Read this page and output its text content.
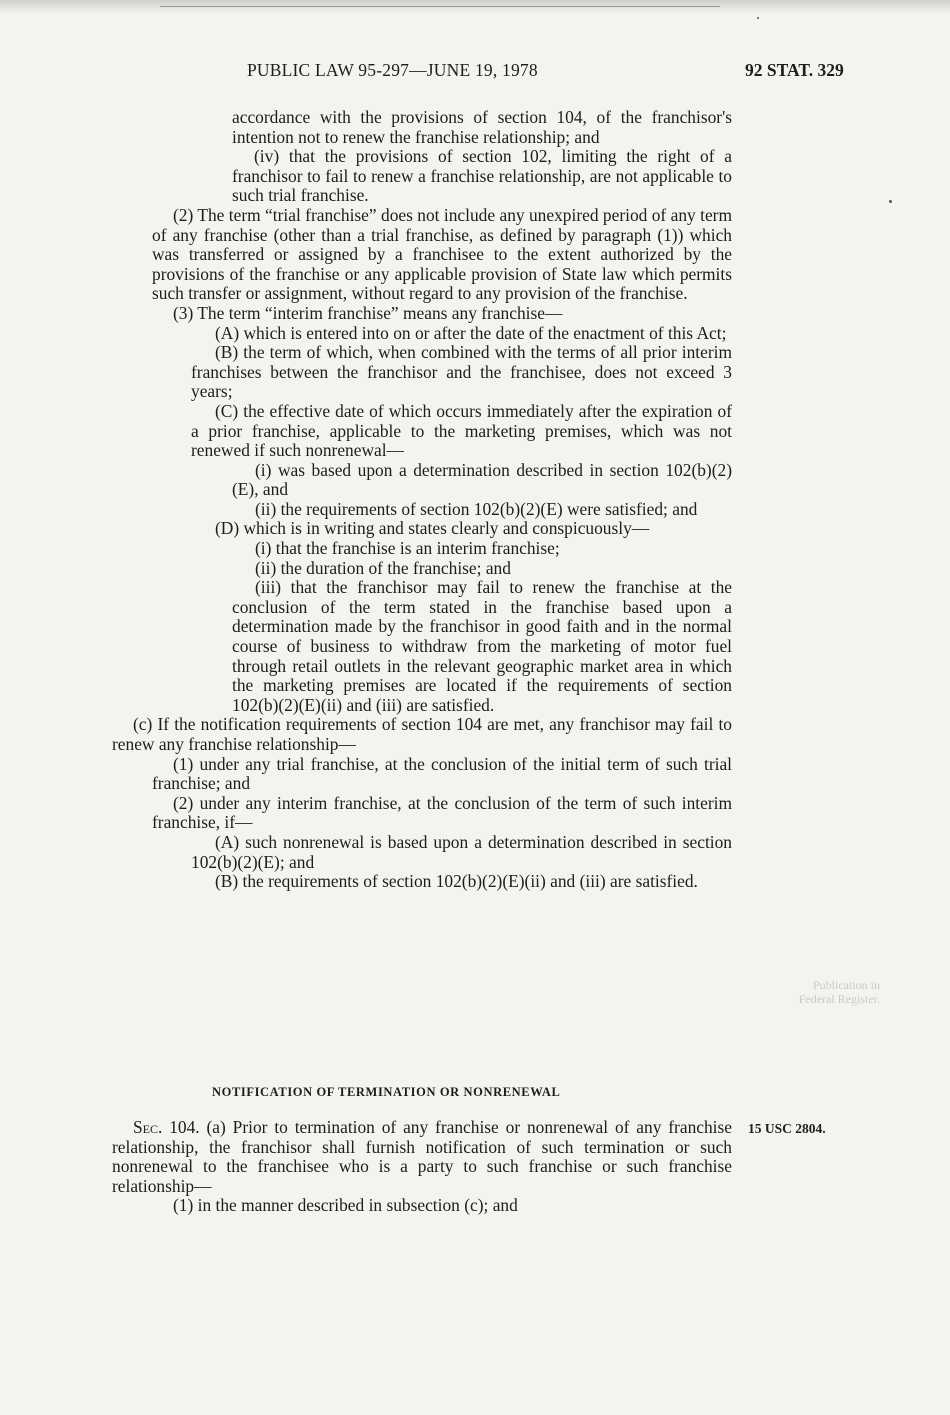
Publication in Federal Register.
PUBLIC LAW 95-297—JUNE 19, 1978	92 STAT. 329

accordance with the provisions of section 104, of the franchisor's intention not to renew the franchise relationship; and

(iv) that the provisions of section 102, limiting the right of a franchisor to fail to renew a franchise relationship, are not applicable to such trial franchise.

(2) The term “trial franchise” does not include any unexpired period of any term of any franchise (other than a trial franchise, as defined by paragraph (1)) which was transferred or assigned by a franchisee to the extent authorized by the provisions of the franchise or any applicable provision of State law which permits such transfer or assignment, without regard to any provision of the franchise.

(3) The term “interim franchise” means any franchise—

(A) which is entered into on or after the date of the enactment of this Act;

(B) the term of which, when combined with the terms of all prior interim franchises between the franchisor and the franchisee, does not exceed 3 years;

(C) the effective date of which occurs immediately after the expiration of a prior franchise, applicable to the marketing premises, which was not renewed if such nonrenewal—

(i) was based upon a determination described in section 102(b)(2)(E), and

(ii) the requirements of section 102(b)(2)(E) were satisfied; and

(D) which is in writing and states clearly and conspicuously—

(i) that the franchise is an interim franchise;

(ii) the duration of the franchise; and

(iii) that the franchisor may fail to renew the franchise at the conclusion of the term stated in the franchise based upon a determination made by the franchisor in good faith and in the normal course of business to withdraw from the marketing of motor fuel through retail outlets in the relevant geographic market area in which the marketing premises are located if the requirements of section 102(b)(2)(E)(ii) and (iii) are satisfied.

(c) If the notification requirements of section 104 are met, any franchisor may fail to renew any franchise relationship—

(1) under any trial franchise, at the conclusion of the initial term of such trial franchise; and

(2) under any interim franchise, at the conclusion of the term of such interim franchise, if—

(A) such nonrenewal is based upon a determination described in section 102(b)(2)(E); and

(B) the requirements of section 102(b)(2)(E)(ii) and (iii) are satisfied.

NOTIFICATION OF TERMINATION OR NONRENEWAL

Sec. 104. (a) Prior to termination of any franchise or nonrenewal of any franchise relationship, the franchisor shall furnish notification of such termination or such nonrenewal to the franchisee who is a party to such franchise or such franchise relationship—

(1) in the manner described in subsection (c); and

15 USC 2804.
